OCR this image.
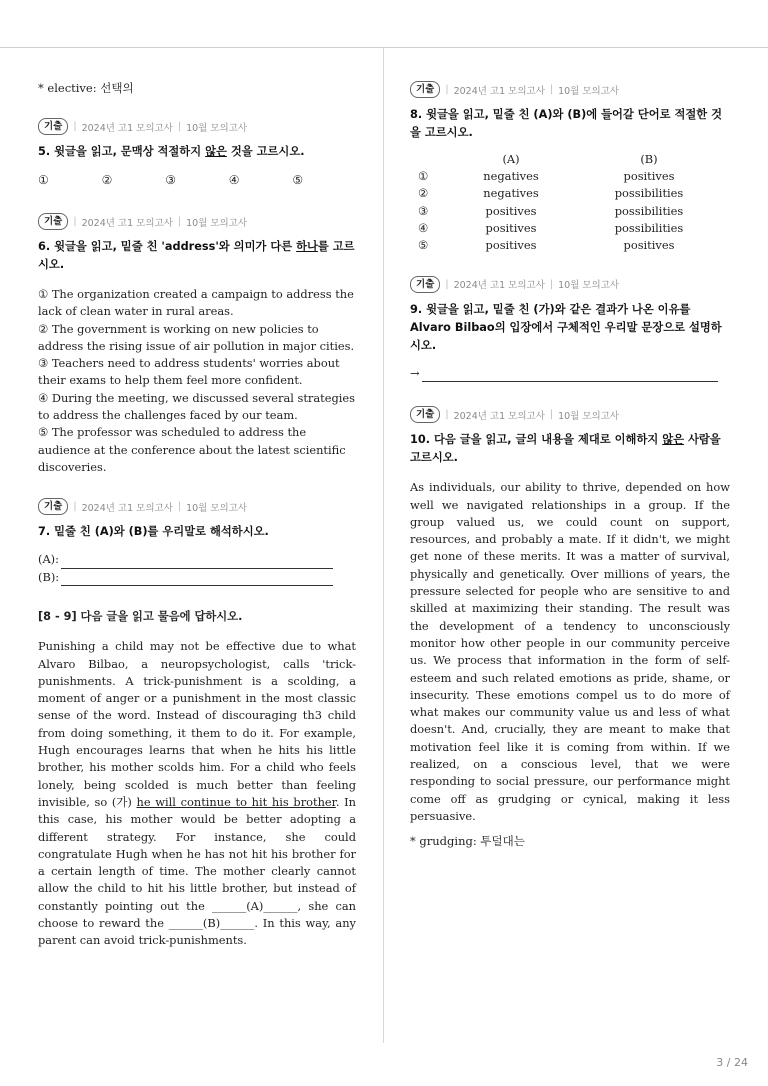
* elective: 선택의

기출	| 2024년 고1 모의고사 | 10월 모의고사

5. 윗글을 읽고, 문맥상 적절하지 않은 것을 고르시오.

①	②	③	④	⑤
기출	| 2024년 고1 모의고사 | 10월 모의고사

6. 윗글을 읽고, 밑줄 친 'address'와 의미가 다른 하나를 고르시오.

① The organization created a campaign to address the lack of clean water in rural areas.

② The government is working on new policies to address the rising issue of air pollution in major cities.

③ Teachers need to address students' worries about their exams to help them feel more confident.

④ During the meeting, we discussed several strategies to address the challenges faced by our team.

⑤ The professor was scheduled to address the audience at the conference about the latest scientific discoveries.

기출	| 2024년 고1 모의고사 | 10월 모의고사

7. 밑줄 친 (A)와 (B)를 우리말로 해석하시오.

(A):
(B):

[8 - 9] 다음 글을 읽고 물음에 답하시오.

Punishing a child may not be effective due to what Alvaro Bilbao, a neuropsychologist, calls 'trick-punishments. A trick-punishment is a scolding, a moment of anger or a punishment in the most classic sense of the word. Instead of discouraging th3 child from doing something, it them to do it. For example, Hugh encourages learns that when he hits his little brother, his mother scolds him. For a child who feels lonely, being scolded is much better than feeling invisible, so (가) he will continue to hit his brother. In this case, his mother would be better adopting a different strategy. For instance, she could congratulate Hugh when he has not hit his brother for a certain length of time. The mother clearly cannot allow the child to hit his little brother, but instead of constantly pointing out the ______(A)______, she can choose to reward the ______(B)______. In this way, any parent can avoid trick-punishments.

기출	| 2024년 고1 모의고사 | 10월 모의고사

8. 윗글을 읽고, 밑줄 친 (A)와 (B)에 들어갈 단어로 적절한 것을 고르시오.

	(A)	(B)
①	negatives	positives
②	negatives	possibilities
③	positives	possibilities
④	positives	possibilities
⑤	positives	positives
기출	| 2024년 고1 모의고사 | 10월 모의고사

9. 윗글을 읽고, 밑줄 친 (가)와 같은 결과가 나온 이유를 Alvaro Bilbao의 입장에서 구체적인 우리말 문장으로 설명하시오.

→
기출	| 2024년 고1 모의고사 | 10월 모의고사

10. 다음 글을 읽고, 글의 내용을 제대로 이해하지 않은 사람을 고르시오.

As individuals, our ability to thrive, depended on how well we navigated relationships in a group. If the group valued us, we could count on support, resources, and probably a mate. If it didn't, we might get none of these merits. It was a matter of survival, physically and genetically. Over millions of years, the pressure selected for people who are sensitive to and skilled at maximizing their standing. The result was the development of a tendency to unconsciously monitor how other people in our community perceive us. We process that information in the form of self-esteem and such related emotions as pride, shame, or insecurity. These emotions compel us to do more of what makes our community value us and less of what doesn't. And, crucially, they are meant to make that motivation feel like it is coming from within. If we realized, on a conscious level, that we were responding to social pressure, our performance might come off as grudging or cynical, making it less persuasive.

* grudging: 투덜대는

3 / 24
